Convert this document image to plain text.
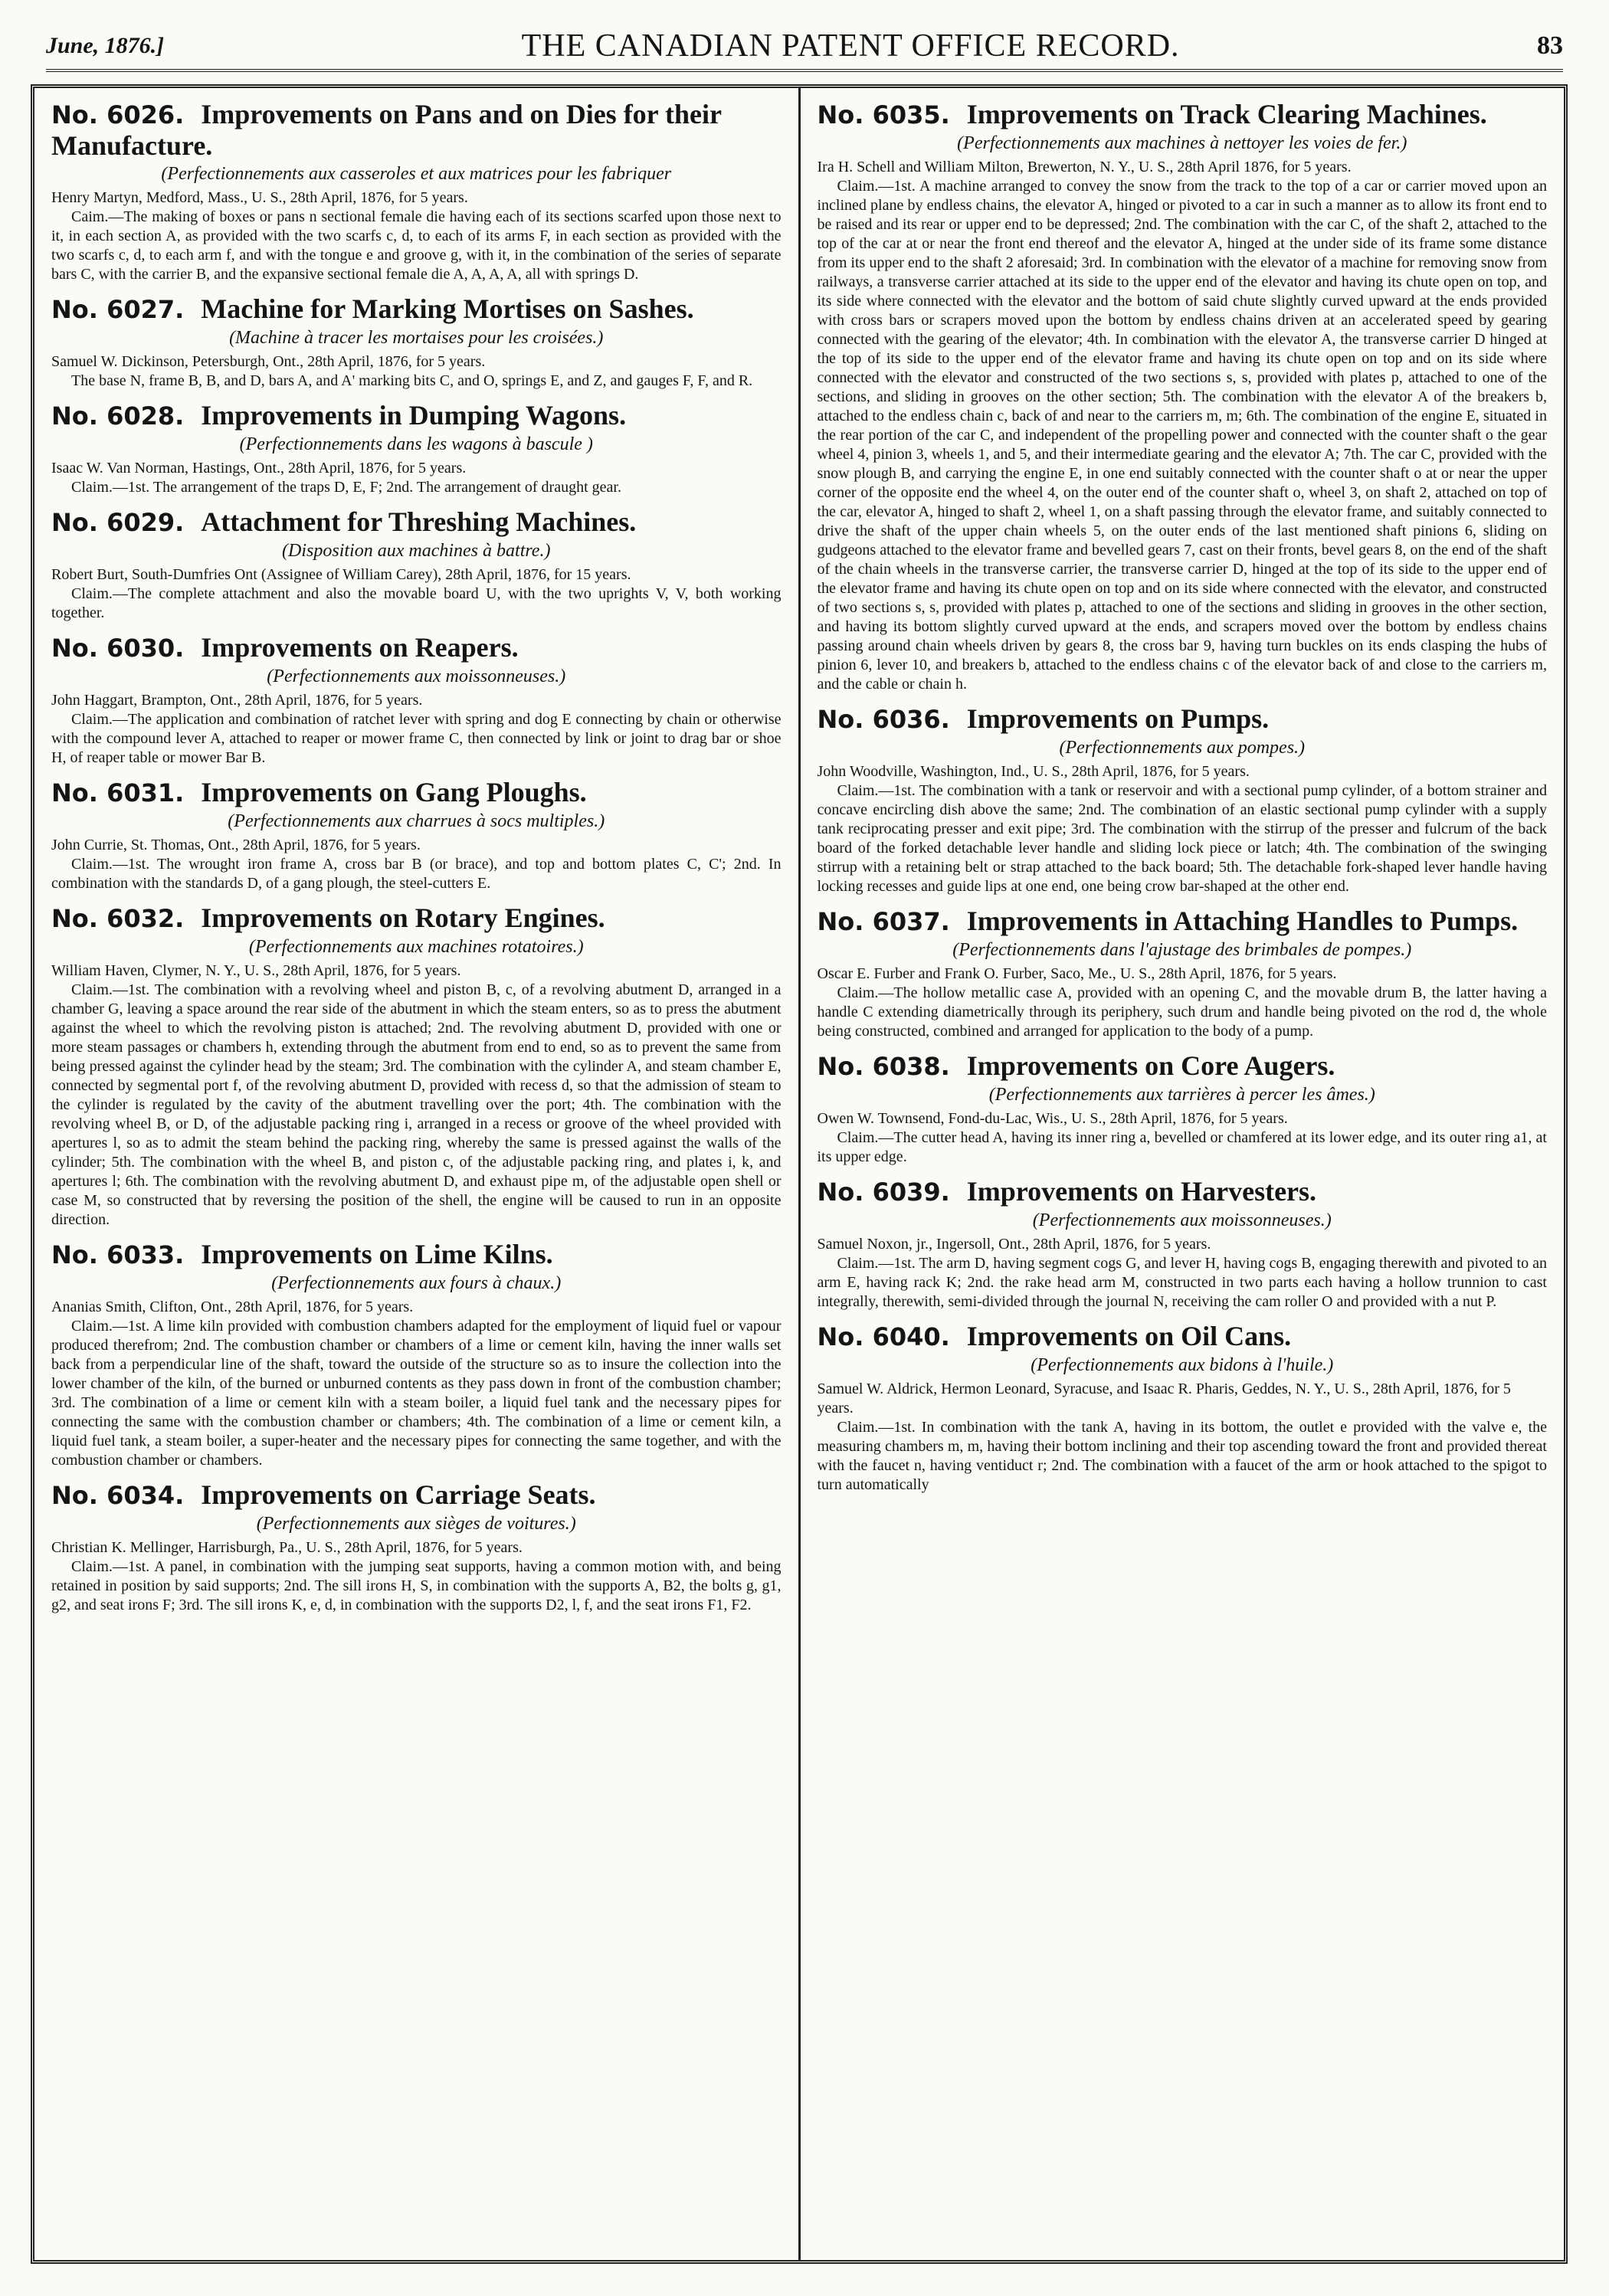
June, 1876.]	THE CANADIAN PATENT OFFICE RECORD.	83

No. 6026. Improvements on Pans and on Dies for their Manufacture.

(Perfectionnements aux casseroles et aux matrices pour les fabriquer

Henry Martyn, Medford, Mass., U. S., 28th April, 1876, for 5 years.

Caim.—The making of boxes or pans n sectional female die having each of its sections scarfed upon those next to it, in each section A, as provided with the two scarfs c, d, to each of its arms F, in each section as provided with the two scarfs c, d, to each arm f, and with the tongue e and groove g, with it, in the combination of the series of separate bars C, with the carrier B, and the expansive sectional female die A, A, A, A, all with springs D.

No. 6027. Machine for Marking Mortises on Sashes.

(Machine à tracer les mortaises pour les croisées.)

Samuel W. Dickinson, Petersburgh, Ont., 28th April, 1876, for 5 years.

The base N, frame B, B, and D, bars A, and A' marking bits C, and O, springs E, and Z, and gauges F, F, and R.

No. 6028. Improvements in Dumping Wagons.

(Perfectionnements dans les wagons à bascule )

Isaac W. Van Norman, Hastings, Ont., 28th April, 1876, for 5 years.

Claim.—1st. The arrangement of the traps D, E, F; 2nd. The arrangement of draught gear.

No. 6029. Attachment for Threshing Machines.

(Disposition aux machines à battre.)

Robert Burt, South-Dumfries Ont (Assignee of William Carey), 28th April, 1876, for 15 years.

Claim.—The complete attachment and also the movable board U, with the two uprights V, V, both working together.

No. 6030. Improvements on Reapers.

(Perfectionnements aux moissonneuses.)

John Haggart, Brampton, Ont., 28th April, 1876, for 5 years.

Claim.—The application and combination of ratchet lever with spring and dog E connecting by chain or otherwise with the compound lever A, attached to reaper or mower frame C, then connected by link or joint to drag bar or shoe H, of reaper table or mower Bar B.

No. 6031. Improvements on Gang Ploughs.

(Perfectionnements aux charrues à socs multiples.)

John Currie, St. Thomas, Ont., 28th April, 1876, for 5 years.

Claim.—1st. The wrought iron frame A, cross bar B (or brace), and top and bottom plates C, C'; 2nd. In combination with the standards D, of a gang plough, the steel-cutters E.

No. 6032. Improvements on Rotary Engines.

(Perfectionnements aux machines rotatoires.)

William Haven, Clymer, N. Y., U. S., 28th April, 1876, for 5 years.

Claim.—1st. The combination with a revolving wheel and piston B, c, of a revolving abutment D, arranged in a chamber G, leaving a space around the rear side of the abutment in which the steam enters, so as to press the abutment against the wheel to which the revolving piston is attached; 2nd. The revolving abutment D, provided with one or more steam passages or chambers h, extending through the abutment from end to end, so as to prevent the same from being pressed against the cylinder head by the steam; 3rd. The combination with the cylinder A, and steam chamber E, connected by segmental port f, of the revolving abutment D, provided with recess d, so that the admission of steam to the cylinder is regulated by the cavity of the abutment travelling over the port; 4th. The combination with the revolving wheel B, or D, of the adjustable packing ring i, arranged in a recess or groove of the wheel provided with apertures l, so as to admit the steam behind the packing ring, whereby the same is pressed against the walls of the cylinder; 5th. The combination with the wheel B, and piston c, of the adjustable packing ring, and plates i, k, and apertures l; 6th. The combination with the revolving abutment D, and exhaust pipe m, of the adjustable open shell or case M, so constructed that by reversing the position of the shell, the engine will be caused to run in an opposite direction.

No. 6033. Improvements on Lime Kilns.

(Perfectionnements aux fours à chaux.)

Ananias Smith, Clifton, Ont., 28th April, 1876, for 5 years.

Claim.—1st. A lime kiln provided with combustion chambers adapted for the employment of liquid fuel or vapour produced therefrom; 2nd. The combustion chamber or chambers of a lime or cement kiln, having the inner walls set back from a perpendicular line of the shaft, toward the outside of the structure so as to insure the collection into the lower chamber of the kiln, of the burned or unburned contents as they pass down in front of the combustion chamber; 3rd. The combination of a lime or cement kiln with a steam boiler, a liquid fuel tank and the necessary pipes for connecting the same with the combustion chamber or chambers; 4th. The combination of a lime or cement kiln, a liquid fuel tank, a steam boiler, a super-heater and the necessary pipes for connecting the same together, and with the combustion chamber or chambers.

No. 6034. Improvements on Carriage Seats.

(Perfectionnements aux sièges de voitures.)

Christian K. Mellinger, Harrisburgh, Pa., U. S., 28th April, 1876, for 5 years.

Claim.—1st. A panel, in combination with the jumping seat supports, having a common motion with, and being retained in position by said supports; 2nd. The sill irons H, S, in combination with the supports A, B2, the bolts g, g1, g2, and seat irons F; 3rd. The sill irons K, e, d, in combination with the supports D2, l, f, and the seat irons F1, F2.

No. 6035. Improvements on Track Clearing Machines.

(Perfectionnements aux machines à nettoyer les voies de fer.)

Ira H. Schell and William Milton, Brewerton, N. Y., U. S., 28th April 1876, for 5 years.

Claim.—1st. A machine arranged to convey the snow from the track to the top of a car or carrier moved upon an inclined plane by endless chains, the elevator A, hinged or pivoted to a car in such a manner as to allow its front end to be raised and its rear or upper end to be depressed; 2nd. The combination with the car C, of the shaft 2, attached to the top of the car at or near the front end thereof and the elevator A, hinged at the under side of its frame some distance from its upper end to the shaft 2 aforesaid; 3rd. In combination with the elevator of a machine for removing snow from railways, a transverse carrier attached at its side to the upper end of the elevator and having its chute open on top, and its side where connected with the elevator and the bottom of said chute slightly curved upward at the ends provided with cross bars or scrapers moved upon the bottom by endless chains driven at an accelerated speed by gearing connected with the gearing of the elevator; 4th. In combination with the elevator A, the transverse carrier D hinged at the top of its side to the upper end of the elevator frame and having its chute open on top and on its side where connected with the elevator and constructed of the two sections s, s, provided with plates p, attached to one of the sections, and sliding in grooves on the other section; 5th. The combination with the elevator A of the breakers b, attached to the endless chain c, back of and near to the carriers m, m; 6th. The combination of the engine E, situated in the rear portion of the car C, and independent of the propelling power and connected with the counter shaft o the gear wheel 4, pinion 3, wheels 1, and 5, and their intermediate gearing and the elevator A; 7th. The car C, provided with the snow plough B, and carrying the engine E, in one end suitably connected with the counter shaft o at or near the upper corner of the opposite end the wheel 4, on the outer end of the counter shaft o, wheel 3, on shaft 2, attached on top of the car, elevator A, hinged to shaft 2, wheel 1, on a shaft passing through the elevator frame, and suitably connected to drive the shaft of the upper chain wheels 5, on the outer ends of the last mentioned shaft pinions 6, sliding on gudgeons attached to the elevator frame and bevelled gears 7, cast on their fronts, bevel gears 8, on the end of the shaft of the chain wheels in the transverse carrier, the transverse carrier D, hinged at the top of its side to the upper end of the elevator frame and having its chute open on top and on its side where connected with the elevator, and constructed of two sections s, s, provided with plates p, attached to one of the sections and sliding in grooves in the other section, and having its bottom slightly curved upward at the ends, and scrapers moved over the bottom by endless chains passing around chain wheels driven by gears 8, the cross bar 9, having turn buckles on its ends clasping the hubs of pinion 6, lever 10, and breakers b, attached to the endless chains c of the elevator back of and close to the carriers m, and the cable or chain h.

No. 6036. Improvements on Pumps.

(Perfectionnements aux pompes.)

John Woodville, Washington, Ind., U. S., 28th April, 1876, for 5 years.

Claim.—1st. The combination with a tank or reservoir and with a sectional pump cylinder, of a bottom strainer and concave encircling dish above the same; 2nd. The combination of an elastic sectional pump cylinder with a supply tank reciprocating presser and exit pipe; 3rd. The combination with the stirrup of the presser and fulcrum of the back board of the forked detachable lever handle and sliding lock piece or latch; 4th. The combination of the swinging stirrup with a retaining belt or strap attached to the back board; 5th. The detachable fork-shaped lever handle having locking recesses and guide lips at one end, one being crow bar-shaped at the other end.

No. 6037. Improvements in Attaching Handles to Pumps.

(Perfectionnements dans l'ajustage des brimbales de pompes.)

Oscar E. Furber and Frank O. Furber, Saco, Me., U. S., 28th April, 1876, for 5 years.

Claim.—The hollow metallic case A, provided with an opening C, and the movable drum B, the latter having a handle C extending diametrically through its periphery, such drum and handle being pivoted on the rod d, the whole being constructed, combined and arranged for application to the body of a pump.

No. 6038. Improvements on Core Augers.

(Perfectionnements aux tarrières à percer les âmes.)

Owen W. Townsend, Fond-du-Lac, Wis., U. S., 28th April, 1876, for 5 years.

Claim.—The cutter head A, having its inner ring a, bevelled or chamfered at its lower edge, and its outer ring a1, at its upper edge.

No. 6039. Improvements on Harvesters.

(Perfectionnements aux moissonneuses.)

Samuel Noxon, jr., Ingersoll, Ont., 28th April, 1876, for 5 years.

Claim.—1st. The arm D, having segment cogs G, and lever H, having cogs B, engaging therewith and pivoted to an arm E, having rack K; 2nd. the rake head arm M, constructed in two parts each having a hollow trunnion to cast integrally, therewith, semi-divided through the journal N, receiving the cam roller O and provided with a nut P.

No. 6040. Improvements on Oil Cans.

(Perfectionnements aux bidons à l'huile.)

Samuel W. Aldrick, Hermon Leonard, Syracuse, and Isaac R. Pharis, Geddes, N. Y., U. S., 28th April, 1876, for 5 years.

Claim.—1st. In combination with the tank A, having in its bottom, the outlet e provided with the valve e, the measuring chambers m, m, having their bottom inclining and their top ascending toward the front and provided thereat with the faucet n, having ventiduct r; 2nd. The combination with a faucet of the arm or hook attached to the spigot to turn automatically
